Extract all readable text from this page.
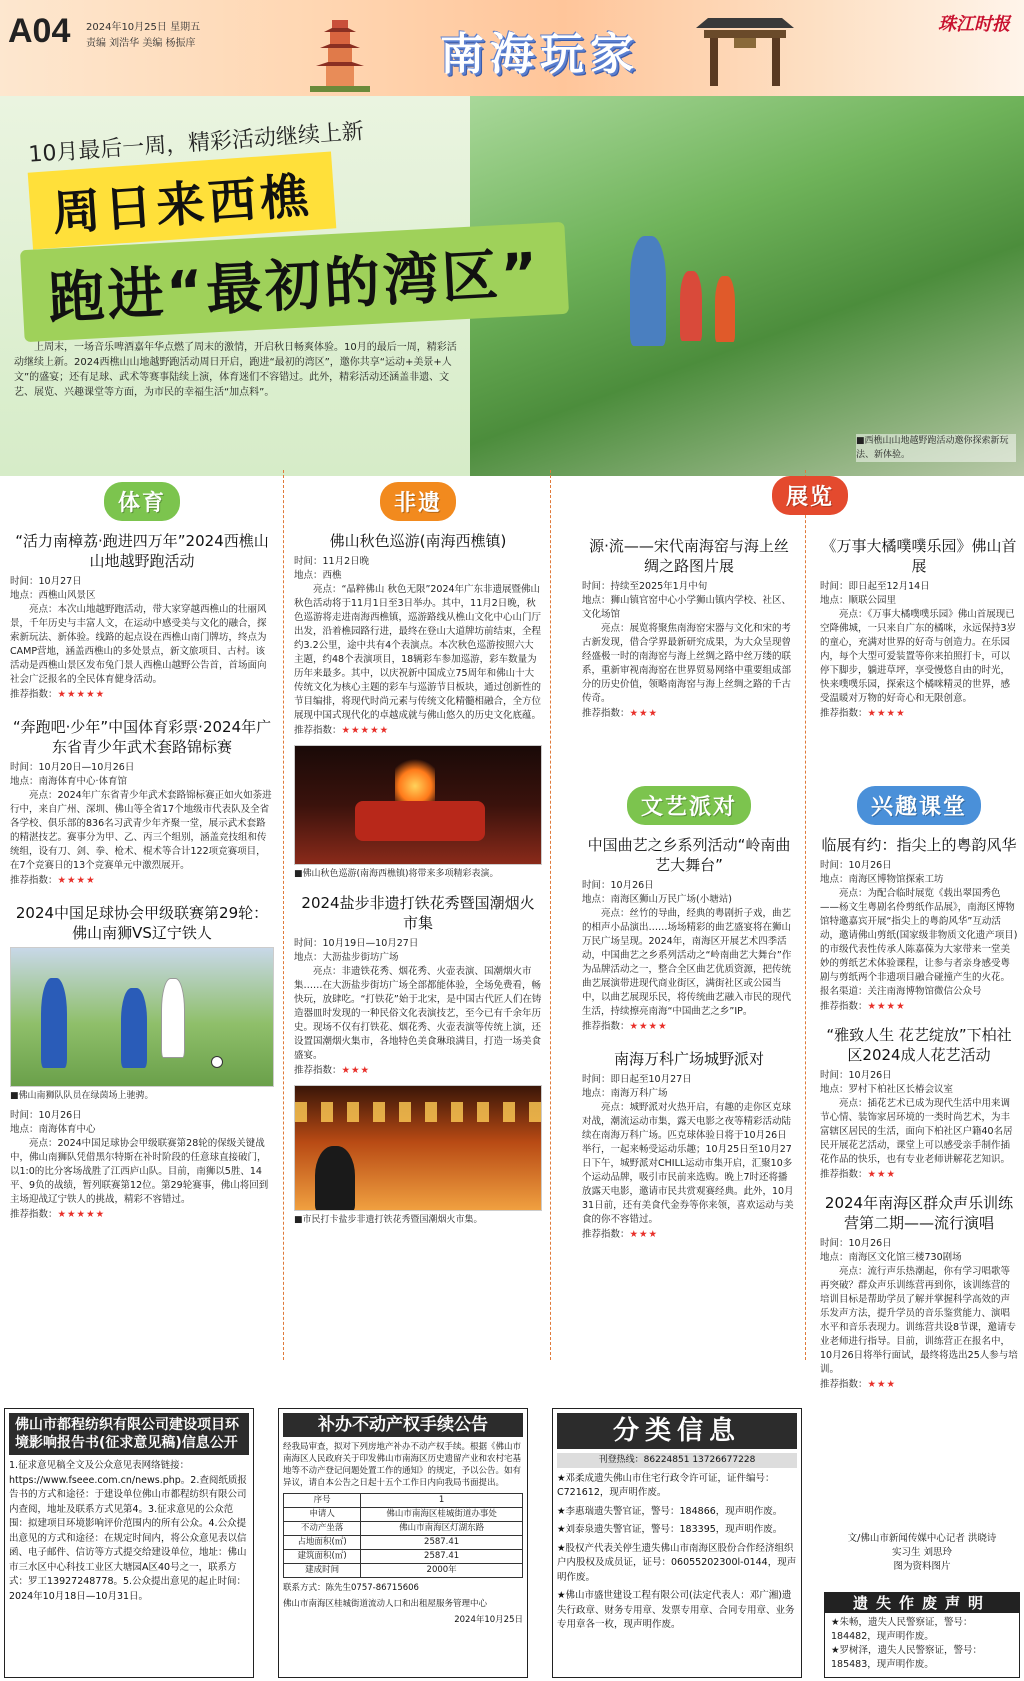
A04 2024年10月25日 星期五
责编 刘浩华 美编 杨振庠	南海玩家
珠江时报
■西樵山山地越野跑活动邀你探索新玩法、新体验。
10月最后一周，精彩活动继续上新
周日来西樵
跑进“最初的湾区”
上周末，一场音乐啤酒嘉年华点燃了周末的激情，开启秋日畅爽体验。10月的最后一周，精彩活动继续上新。2024西樵山山地越野跑活动周日开启，跑进“最初的湾区”，邀你共享“运动+美景+人文”的盛宴；还有足球、武术等赛事陆续上演，体育迷们不容错过。此外，精彩活动还涵盖非遗、文艺、展览、兴趣课堂等方面，为市民的幸福生活“加点料”。
体育
“活力南樟荔·跑进四万年”2024西樵山山地越野跑活动
时间：10月27日
地点：西樵山风景区
亮点：本次山地越野跑活动，带大家穿越西樵山的壮丽风景，千年历史与丰富人文，在运动中感受美与文化的融合，探索新玩法、新体验。线路的起点设在西樵山南门牌坊，终点为CAMP营地，涵盖西樵山的多处景点，新文旅项目、古村。该活动是西樵山景区发布兔门景人西樵山越野公告首，首场面向社会广泛报名的全民体育健身活动。
推荐指数：★★★★★
“奔跑吧·少年”中国体育彩票·2024年广东省青少年武术套路锦标赛
时间：10月20日—10月26日
地点：南海体育中心·体育馆
亮点：2024年广东省青少年武术套路锦标赛正如火如荼进行中，来自广州、深圳、佛山等全省17个地级市代表队及全省各学校、俱乐部的836名习武青少年齐聚一堂，展示武术套路的精湛技艺。赛事分为甲、乙、丙三个组别，涵盖竞技组和传统组，设有刀、剑、拳、枪术、棍术等合计122项竞赛项目，在7个竞赛日的13个竞赛单元中激烈展开。
推荐指数：★★★★
2024中国足球协会甲级联赛第29轮：佛山南狮VS辽宁铁人
■佛山南狮队队员在绿茵场上驰骋。
时间：10月26日
地点：南海体育中心
亮点：2024中国足球协会甲级联赛第28轮的保级关键战中，佛山南狮队凭借黑尔特斯在补时阶段的任意球直接破门，以1:0的比分客场战胜了江西庐山队。目前，南狮以5胜、14平、9负的战绩，暂列联赛第12位。第29轮赛事，佛山将回到主场迎战辽宁铁人的挑战，精彩不容错过。
推荐指数：★★★★★
非遗
佛山秋色巡游(南海西樵镇)
时间：11月2日晚
地点：西樵
亮点：“晶粹佛山 秋色无限”2024年广东非遗展暨佛山秋色活动将于11月1日至3日举办。其中，11月2日晚，秋色巡游将走进南海西樵镇，巡游路线从樵山文化中心山门厅出发，沿着樵园路行进，最终在登山大道牌坊前结束，全程约3.2公里，途中共有4个表演点。本次秋色巡游按照六大主题，约48个表演项目，18辆彩车参加巡游，彩车数量为历年来最多。其中，以庆祝新中国成立75周年和佛山十大传统文化为核心主题的彩车与巡游节目板块，通过创新性的节目编排，将现代时尚元素与传统文化精髓相融合，全方位展现中国式现代化的卓越成就与佛山悠久的历史文化底蕴。
推荐指数：★★★★★
■佛山秋色巡游(南海西樵镇)将带来多项精彩表演。
2024盐步非遗打铁花秀暨国潮烟火市集
时间：10月19日—10月27日
地点：大沥盐步街坊广场
亮点：非遗铁花秀、烟花秀、火壶表演、国潮烟火市集……在大沥盐步街坊广场全部都能体验，全场免费看，畅快玩，放肆吃。“打铁花”始于北宋，是中国古代匠人们在铸造器皿时发现的一种民俗文化表演技艺，至今已有千余年历史。现场不仅有打铁花、烟花秀、火壶表演等传统上演，还设置国潮烟火集市，各地特色美食琳琅满目，打造一场美食盛宴。
推荐指数：★★★
■市民打卡盐步非遗打铁花秀暨国潮烟火市集。
展览
源·流——宋代南海窑与海上丝绸之路图片展
时间：持续至2025年1月中旬
地点：狮山镇官窑中心小学狮山镇内学校、社区、文化场馆
亮点：展览将聚焦南海窑宋器与文化和宋的考古新发现，借合学界最新研究成果，为大众呈现曾经盛极一时的南海窑与海上丝绸之路中丝万缕的联系，重新审视南海窑在世界贸易网络中重要组成部分的历史价值，领略南海窑与海上丝绸之路的千古传奇。
推荐指数：★★★
《万事大橘噗噗乐园》佛山首展
时间：即日起至12月14日
地点：顺联公园里
亮点：《万事大橘噗噗乐园》佛山首展现已空降佛城，一只来自广东的橘咪，永远保持3岁的童心，充满对世界的好奇与创造力。在乐园内，每个大型可爱装置等你来拍照打卡，可以停下脚步，躺进草坪，享受慢悠自由的时光，快来噗噗乐园，探索这个橘咪精灵的世界，感受温暖对万物的好奇心和无限创意。
推荐指数：★★★★
文艺派对
中国曲艺之乡系列活动“岭南曲艺大舞台”
时间：10月26日
地点：南海区狮山万民广场(小塘站)
亮点：丝竹的导曲，经典的粤剧折子戏，曲艺的相声小品演出……场场精彩的曲艺盛宴将在狮山万民广场呈现。2024年，南海区开展艺术四季活动，中国曲艺之乡系列活动之“岭南曲艺大舞台”作为品牌活动之一，整合全区曲艺优质资源，把传统曲艺展演带进现代商业街区，满街社区或公园当中，以曲艺展现乐民，将传统曲艺融入市民的现代生活，持续擦亮南海“中国曲艺之乡”IP。
推荐指数：★★★★
南海万科广场城野派对
时间：即日起至10月27日
地点：南海万科广场
亮点：城野派对火热开启，有趣的走你区克球对战，潮流运动市集，露天电影之夜等精彩活动陆续在南海万科广场。匹克球体验日将于10月26日举行，一起来畅受运动乐趣；10月25日至10月27日下午，城野派对CHILL运动市集开启，汇聚10多个运动品牌，吸引市民前来选购。晚上7时还将播放露天电影，邀请市民共赏观赛经典。此外，10月31日前，还有美食代金券等你来领，喜欢运动与美食的你不容错过。
推荐指数：★★★
兴趣课堂
临展有约：指尖上的粤韵风华
时间：10月26日
地点：南海区博物馆探索工坊
亮点：为配合临时展览《载出翠国秀色——杨文生粤剧名伶剪纸作品展》，南海区博物馆特邀嘉宾开展“指尖上的粤韵风华”互动活动，邀请佛山剪纸(国家级非物质文化遗产项目)的市级代表性传承人陈嘉葆为大家带来一堂美妙的剪纸艺术体验课程，让参与者亲身感受粤剧与剪纸两个非遗项目融合碰撞产生的火花。
报名渠道：关注南海博物馆微信公众号
推荐指数：★★★★
“雅致人生 花艺绽放”下柏社区2024成人花艺活动
时间：10月26日
地点：罗村下柏社区长椿会议室
亮点：插花艺术已成为现代生活中用来调节心情、装饰家居环境的一类时尚艺术，为丰富辖区居民的生活，面向下柏社区户籍40名居民开展花艺活动，课堂上可以感受亲手制作插花作品的快乐，也有专业老师讲解花艺知识。
推荐指数：★★★
2024年南海区群众声乐训练营第二期——流行演唱
时间：10月26日
地点：南海区文化馆三楼730剧场
亮点：流行声乐热潮起，你有学习唱歌等再突破？群众声乐训练营再到你，该训练营的培训目标是帮助学员了解并掌握科学高效的声乐发声方法，提升学员的音乐鉴赏能力、演唱水平和音乐表现力。训练营共设8节课，邀请专业老师进行指导。目前，训练营正在报名中，10月26日将举行面试，最终将选出25人参与培训。
推荐指数：★★★
佛山市都程纺织有限公司建设项目环境影响报告书(征求意见稿)信息公开
1.征求意见稿全文及公众意见表网络链接：https://www.fseee.com.cn/news.php。2.查阅纸质报告书的方式和途径：于建设单位佛山市都程纺织有限公司内查阅，地址及联系方式见第4。3.征求意见的公众范围：拟建项目环境影响评价范围内的所有公众。4.公众提出意见的方式和途径：在规定时间内，将公众意见表以信函、电子邮件、信访等方式提交给建设单位，地址：佛山市三水区中心科技工业区大塘园A区40号之一，联系方式：罗工13927248778。5.公众提出意见的起止时间：2024年10月18日—10月31日。
补办不动产权手续公告
经我局审查，拟对下列房地产补办不动产权手续。根据《佛山市南海区人民政府关于印发佛山市南海区历史遗留产业和农村宅基地等不动产登记问题处置工作的通知》的规定，予以公告。如有异议，请自本公告之日起十五个工作日内向我局书面提出。
序号	1
申请人	佛山市南海区桂城街道办事处
不动产坐落	佛山市南海区灯湖东路
占地面积(㎡)	2587.41
建筑面积(㎡)	2587.41
建成时间	2000年
联系方式：陈先生0757-86715606
佛山市南海区桂城街道流动人口和出租屋服务管理中心
2024年10月25日
分类信息
刊登热线：86224851 13726677228
★邓柔成遗失佛山市住宅行政令许可证，证件编号：C721612，现声明作废。
★李惠瑞遗失警官证，警号：184866，现声明作废。
★刘泰泉遗失警官证，警号：183395，现声明作废。
★股权产代表关停生遗失佛山市南海区股份合作经济组织户内股权及成员证，证号：06055202300l-0144，现声明作废。
★佛山市盛世建设工程有限公司(法定代表人：邓广湘)遗失行政章、财务专用章、发票专用章、合同专用章、业务专用章各一枚，现声明作废。
文/佛山市新闻传媒中心记者 洪晓诗
实习生 刘思玲
图为资料图片
遗失作废声明
★朱畅，遗失人民警察证，警号：184482，现声明作废。
★罗树泽，遗失人民警察证，警号：185483，现声明作废。
